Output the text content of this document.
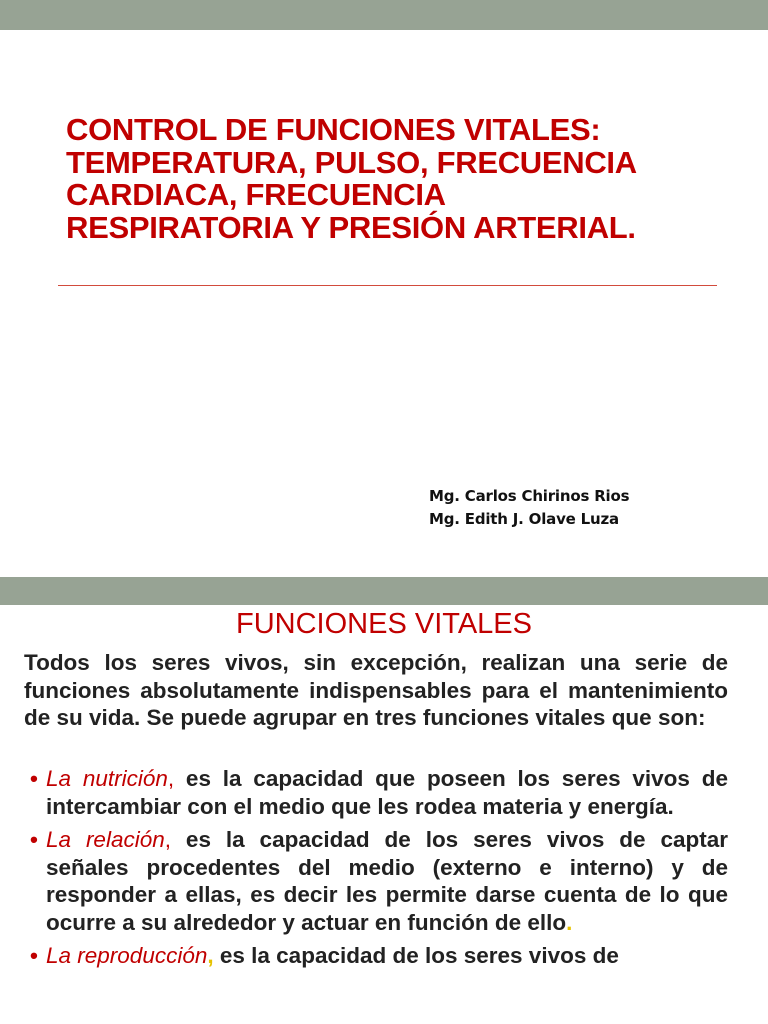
CONTROL DE FUNCIONES VITALES:
TEMPERATURA, PULSO, FRECUENCIA
CARDIACA, FRECUENCIA
RESPIRATORIA Y PRESIÓN ARTERIAL.
Mg. Carlos Chirinos Rios
Mg. Edith J. Olave Luza
FUNCIONES VITALES

Todos los seres vivos, sin excepción, realizan una serie de funciones absolutamente indispensables para el mantenimiento de su vida. Se puede agrupar en tres funciones vitales que son:

• La nutrición, es la capacidad que poseen los seres vivos de intercambiar con el medio que les rodea materia y energía.
• La relación, es la capacidad de los seres vivos de captar señales procedentes del medio (externo e interno) y de responder a ellas, es decir les permite darse cuenta de lo que ocurre a su alrededor y actuar en función de ello.
• La reproducción, es la capacidad de los seres vivos de
